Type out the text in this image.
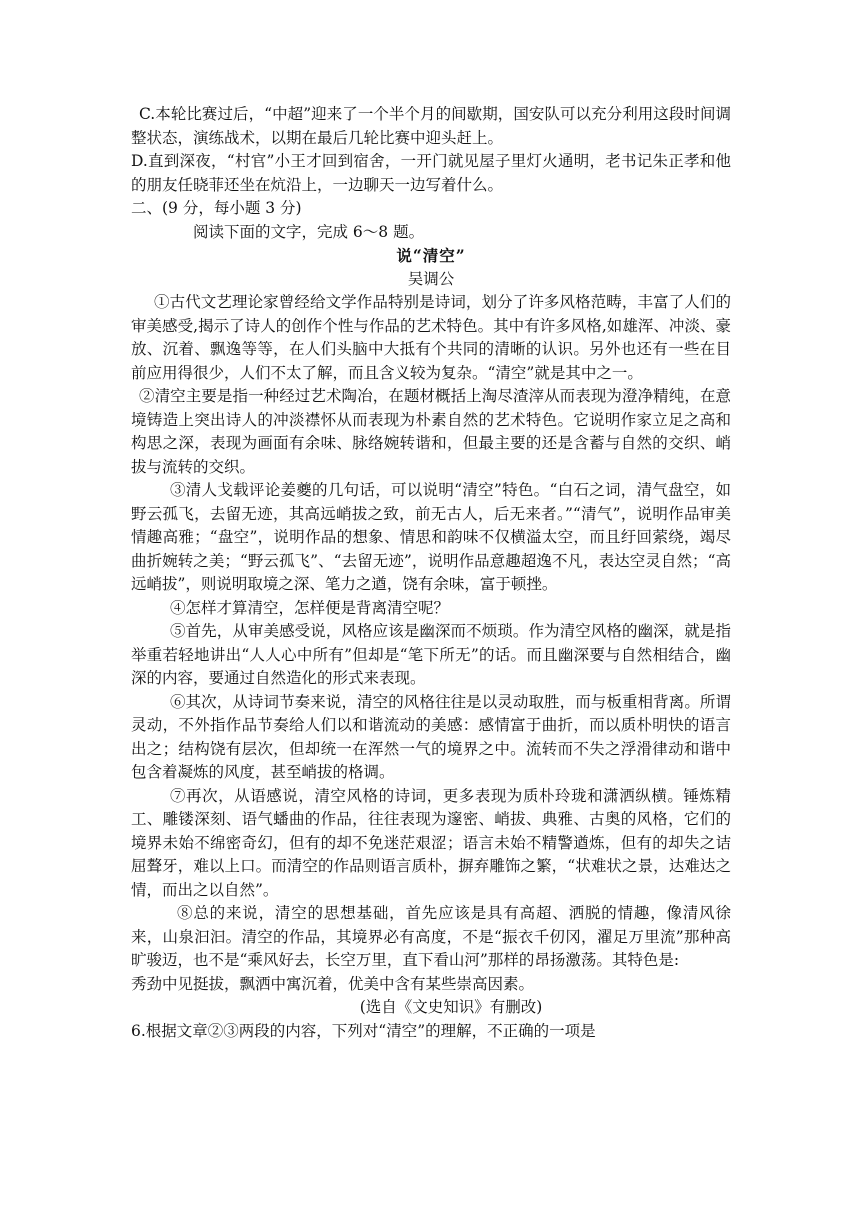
C.本轮比赛过后，“中超”迎来了一个半个月的间歇期，国安队可以充分利用这段时间调整状态，演练战术，以期在最后几轮比赛中迎头赶上。

D.直到深夜，“村官”小王才回到宿舍，一开门就见屋子里灯火通明，老书记朱正孝和他的朋友任晓菲还坐在炕沿上，一边聊天一边写着什么。

二、(9 分，每小题 3 分)

阅读下面的文字，完成 6～8 题。

说“清空”

吴调公

①古代文艺理论家曾经给文学作品特别是诗词，划分了许多风格范畴，丰富了人们的审美感受,揭示了诗人的创作个性与作品的艺术特色。其中有许多风格,如雄浑、冲淡、豪放、沉着、飘逸等等，在人们头脑中大抵有个共同的清晰的认识。另外也还有一些在目前应用得很少，人们不太了解，而且含义较为复杂。“清空”就是其中之一。

②清空主要是指一种经过艺术陶冶，在题材概括上淘尽渣滓从而表现为澄净精纯，在意境铸造上突出诗人的冲淡襟怀从而表现为朴素自然的艺术特色。它说明作家立足之高和构思之深，表现为画面有余味、脉络婉转谐和，但最主要的还是含蓄与自然的交织、峭拔与流转的交织。

③清人戈载评论姜夔的几句话，可以说明“清空”特色。“白石之词，清气盘空，如野云孤飞，去留无迹，其高远峭拔之致，前无古人，后无来者。”“清气”，说明作品审美情趣高雅；“盘空”，说明作品的想象、情思和韵味不仅横溢太空，而且纡回萦绕，竭尽曲折婉转之美；“野云孤飞”、“去留无迹”，说明作品意趣超逸不凡，表达空灵自然；“高远峭拔”，则说明取境之深、笔力之遒，饶有余味，富于顿挫。

④怎样才算清空，怎样便是背离清空呢？

⑤首先，从审美感受说，风格应该是幽深而不烦琐。作为清空风格的幽深，就是指举重若轻地讲出“人人心中所有”但却是“笔下所无”的话。而且幽深要与自然相结合，幽深的内容，要通过自然造化的形式来表现。

⑥其次，从诗词节奏来说，清空的风格往往是以灵动取胜，而与板重相背离。所谓灵动，不外指作品节奏给人们以和谐流动的美感：感情富于曲折，而以质朴明快的语言出之；结构饶有层次，但却统一在浑然一气的境界之中。流转而不失之浮滑律动和谐中包含着凝炼的风度，甚至峭拔的格调。

⑦再次，从语感说，清空风格的诗词，更多表现为质朴玲珑和潇洒纵横。锤炼精工、雕镂深刻、语气蟠曲的作品，往往表现为邃密、峭拔、典雅、古奥的风格，它们的境界未始不绵密奇幻，但有的却不免迷茫艰涩；语言未始不精警遒炼，但有的却失之诘屈聱牙，难以上口。而清空的作品则语言质朴，摒弃雕饰之繁，“状难状之景，达难达之情，而出之以自然”。

⑧总的来说，清空的思想基础，首先应该是具有高超、洒脱的情趣，像清风徐来，山泉汩汩。清空的作品，其境界必有高度，不是“振衣千仞冈，濯足万里流”那种高旷骏迈，也不是“乘风好去，长空万里，直下看山河”那样的昂扬激荡。其特色是:

秀劲中见挺拔，飘洒中寓沉着，优美中含有某些崇高因素。

(选自《文史知识》有删改)

6.根据文章②③两段的内容，下列对“清空”的理解，不正确的一项是
